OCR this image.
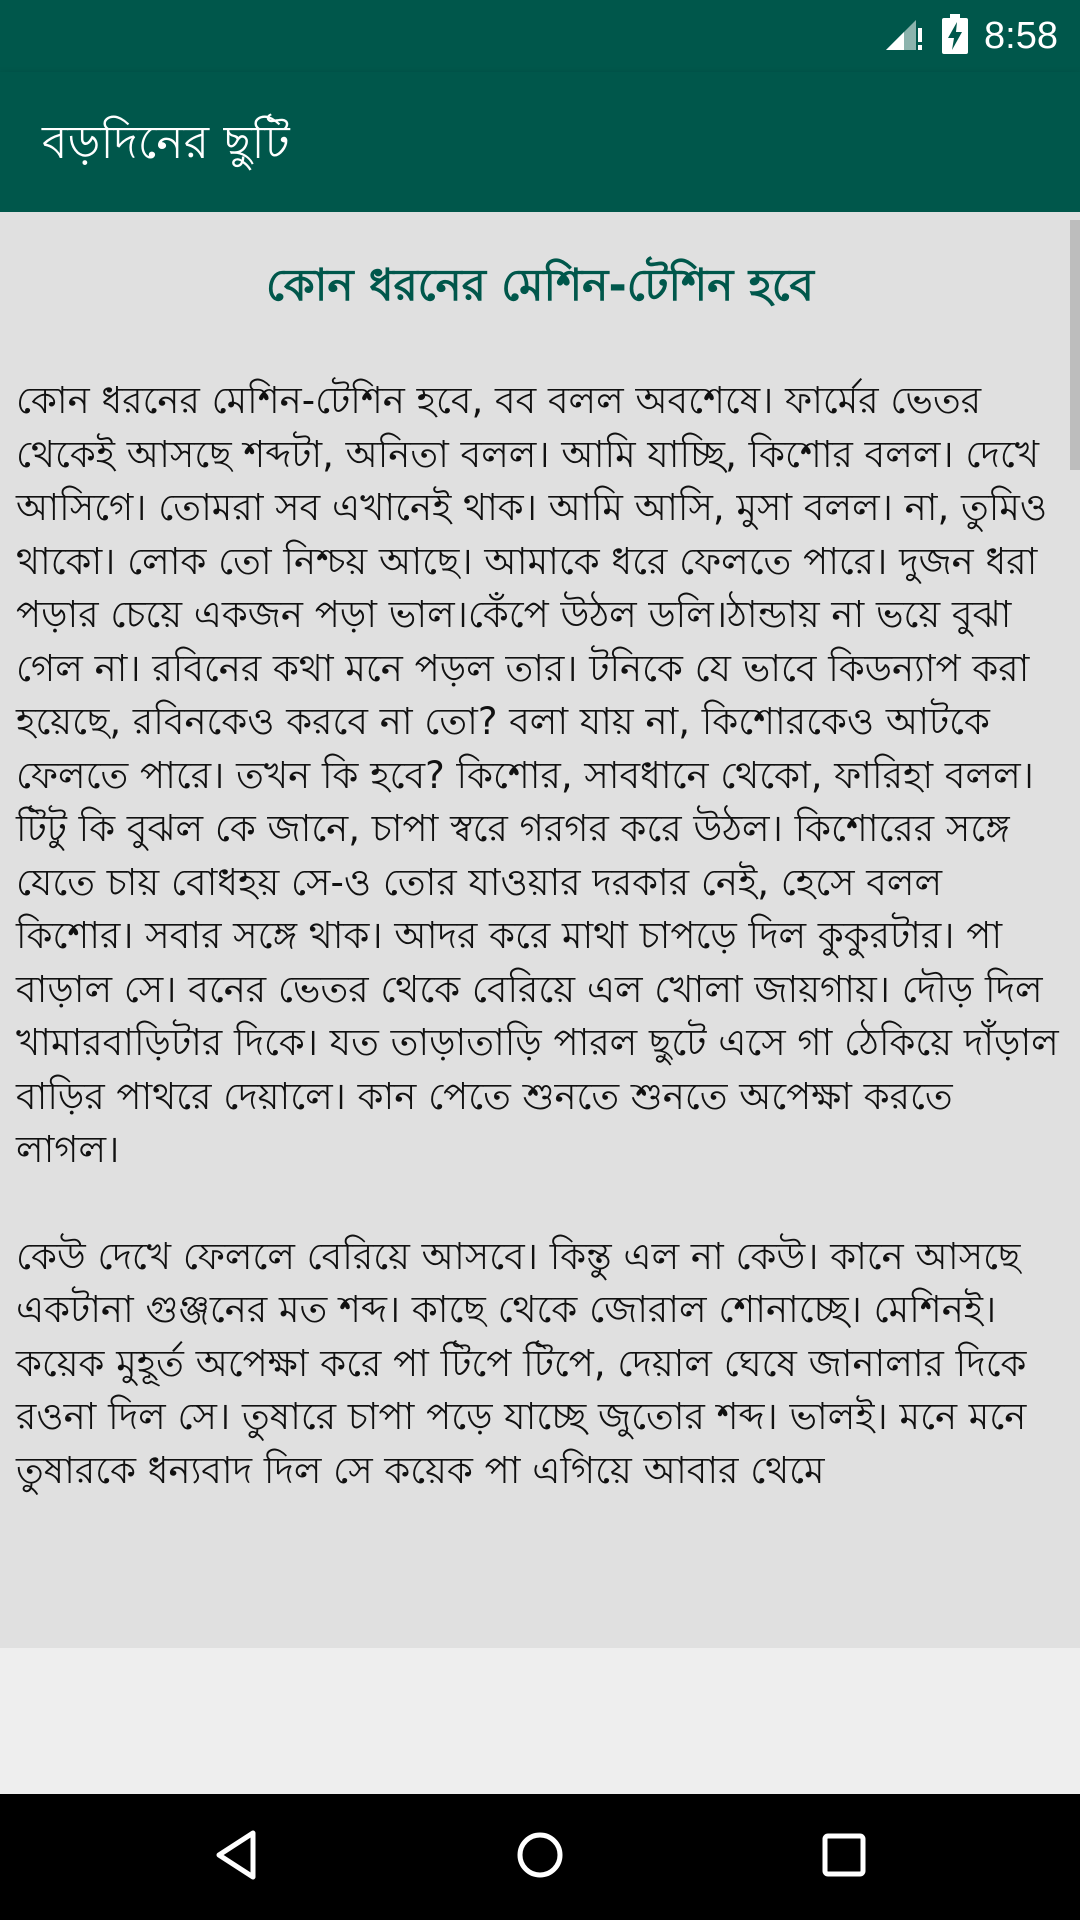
8:58
বড়দিনের ছুটি
কোন ধরনের মেশিন-টেশিন হবে

কোন ধরনের মেশিন-টেশিন হবে, বব বলল অবশেষে। ফার্মের ভেতর থেকেই আসছে শব্দটা, অনিতা বলল। আমি যাচ্ছি, কিশোর বলল। দেখে আসিগে। তোমরা সব এখানেই থাক। আমি আসি, মুসা বলল। না, তুমিও থাকো। লোক তো নিশ্চয় আছে। আমাকে ধরে ফেলতে পারে। দুজন ধরা পড়ার চেয়ে একজন পড়া ভাল।কেঁপে উঠল ডলি।ঠান্ডায় না ভয়ে বুঝা গেল না। রবিনের কথা মনে পড়ল তার। টনিকে যে ভাবে কিডন্যাপ করা হয়েছে, রবিনকেও করবে না তো? বলা যায় না, কিশোরকেও আটকে ফেলতে পারে। তখন কি হবে? কিশোর, সাবধানে থেকো, ফারিহা বলল। টিটু কি বুঝল কে জানে, চাপা স্বরে গরগর করে উঠল। কিশোরের সঙ্গে যেতে চায় বোধহয় সে-ও তোর যাওয়ার দরকার নেই, হেসে বলল কিশোর। সবার সঙ্গে থাক। আদর করে মাথা চাপড়ে দিল কুকুরটার। পা বাড়াল সে। বনের ভেতর থেকে বেরিয়ে এল খোলা জায়গায়। দৌড় দিল খামারবাড়িটার দিকে। যত তাড়াতাড়ি পারল ছুটে এসে গা ঠেকিয়ে দাঁড়াল বাড়ির পাথরে দেয়ালে। কান পেতে শুনতে শুনতে অপেক্ষা করতে লাগল।

কেউ দেখে ফেললে বেরিয়ে আসবে। কিন্তু এল না কেউ। কানে আসছে একটানা গুঞ্জনের মত শব্দ। কাছে থেকে জোরাল শোনাচ্ছে। মেশিনই। কয়েক মুহূর্ত অপেক্ষা করে পা টিপে টিপে, দেয়াল ঘেষে জানালার দিকে রওনা দিল সে। তুষারে চাপা পড়ে যাচ্ছে জুতোর শব্দ। ভালই। মনে মনে তুষারকে ধন্যবাদ দিল সে কয়েক পা এগিয়ে আবার থেমে
